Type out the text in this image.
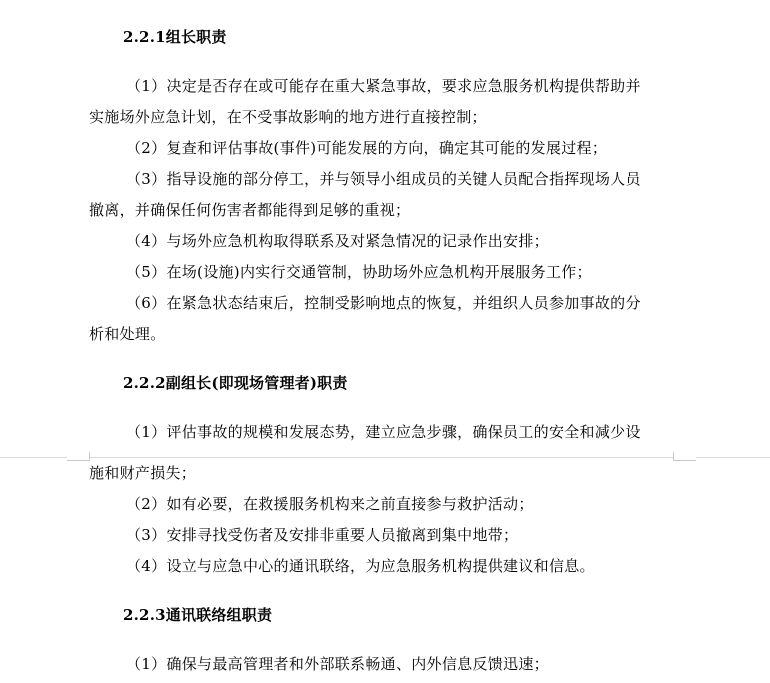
2.2.1组长职责
（1）决定是否存在或可能存在重大紧急事故，要求应急服务机构提供帮助并
实施场外应急计划，在不受事故影响的地方进行直接控制；
（2）复查和评估事故(事件)可能发展的方向，确定其可能的发展过程；
（3）指导设施的部分停工，并与领导小组成员的关键人员配合指挥现场人员
撤离，并确保任何伤害者都能得到足够的重视；
（4）与场外应急机构取得联系及对紧急情况的记录作出安排；
（5）在场(设施)内实行交通管制，协助场外应急机构开展服务工作；
（6）在紧急状态结束后，控制受影响地点的恢复，并组织人员参加事故的分
析和处理。
2.2.2副组长(即现场管理者)职责
（1）评估事故的规模和发展态势，建立应急步骤，确保员工的安全和减少设
施和财产损失；
（2）如有必要，在救援服务机构来之前直接参与救护活动；
（3）安排寻找受伤者及安排非重要人员撤离到集中地带；
（4）设立与应急中心的通讯联络，为应急服务机构提供建议和信息。
2.2.3通讯联络组职责
（1）确保与最高管理者和外部联系畅通、内外信息反馈迅速；
